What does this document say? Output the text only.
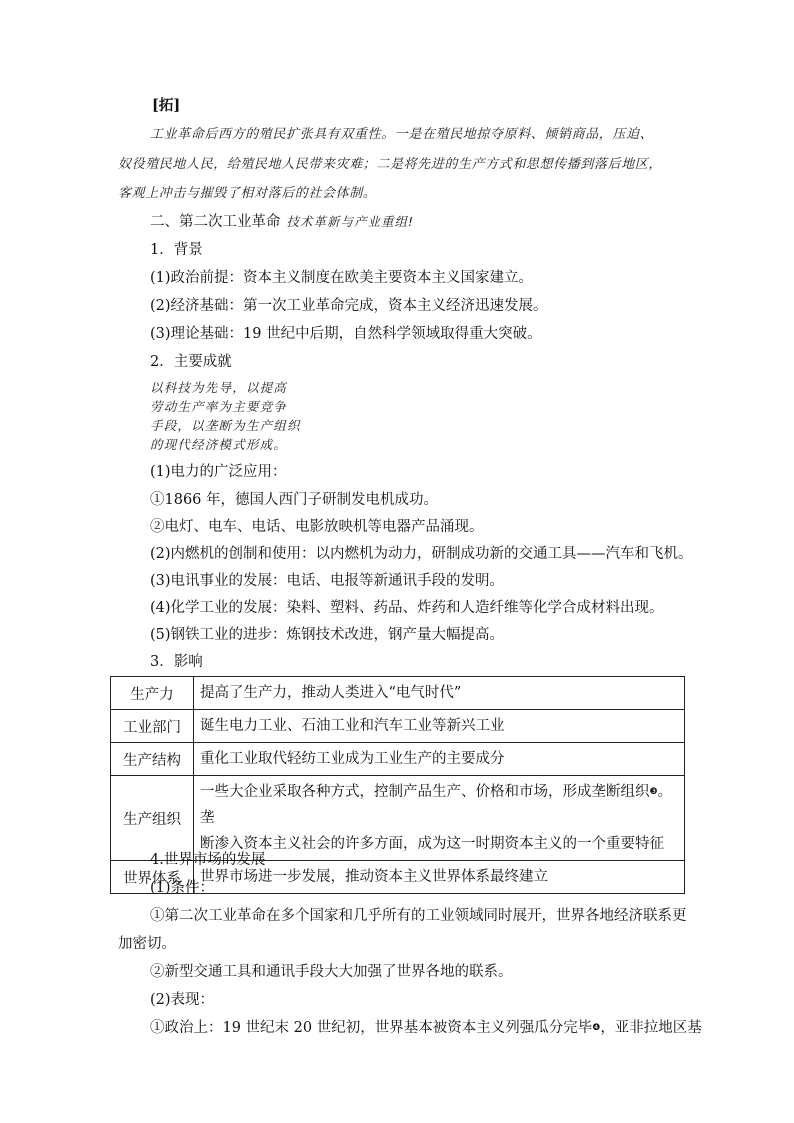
[拓]
工业革命后西方的殖民扩张具有双重性。一是在殖民地掠夺原料、倾销商品，压迫、
奴役殖民地人民，给殖民地人民带来灾难；二是将先进的生产方式和思想传播到落后地区，
客观上冲击与摧毁了相对落后的社会体制。
二、第二次工业革命 技术革新与产业重组!
1．背景
(1)政治前提：资本主义制度在欧美主要资本主义国家建立。
(2)经济基础：第一次工业革命完成，资本主义经济迅速发展。
(3)理论基础：19 世纪中后期，自然科学领域取得重大突破。
2．主要成就
以科技为先导，以提高
劳动生产率为主要竞争
手段，以垄断为生产组织
的现代经济模式形成。
(1)电力的广泛应用：
①1866 年，德国人西门子研制发电机成功。
②电灯、电车、电话、电影放映机等电器产品涌现。
(2)内燃机的创制和使用：以内燃机为动力，研制成功新的交通工具——汽车和飞机。
(3)电讯事业的发展：电话、电报等新通讯手段的发明。
(4)化学工业的发展：染料、塑料、药品、炸药和人造纤维等化学合成材料出现。
(5)钢铁工业的进步：炼钢技术改进，钢产量大幅提高。
3．影响
生产力	提高了生产力，推动人类进入“电气时代”
工业部门	诞生电力工业、石油工业和汽车工业等新兴工业
生产结构	重化工业取代轻纺工业成为工业生产的主要成分
生产组织	一些大企业采取各种方式，控制产品生产、价格和市场，形成垄断组织❸。垄
断渗入资本主义社会的许多方面，成为这一时期资本主义的一个重要特征
世界体系	世界市场进一步发展，推动资本主义世界体系最终建立
4.世界市场的发展
(1)条件：
①第二次工业革命在多个国家和几乎所有的工业领域同时展开，世界各地经济联系更
加密切。
②新型交通工具和通讯手段大大加强了世界各地的联系。
(2)表现：
①政治上：19 世纪末 20 世纪初，世界基本被资本主义列强瓜分完毕❹，亚非拉地区基
